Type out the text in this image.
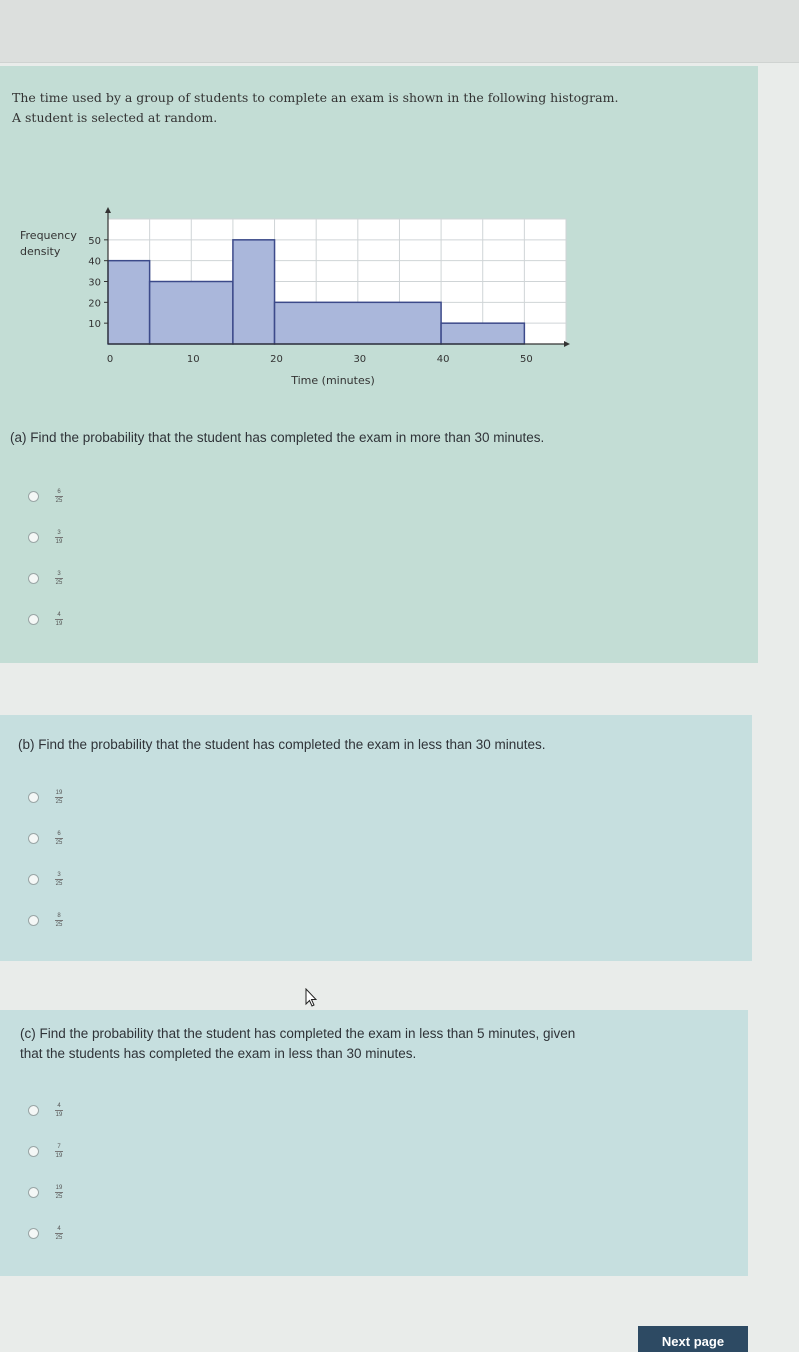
The time used by a group of students to complete an exam is shown in the following histogram.
A student is selected at random.
10
20
30
40
50
0	10	20	30	40	50
Frequency
density
Time (minutes)
(a) Find the probability that the student has completed the exam in more than 30 minutes.
$\frac{6}{25}$
$\frac{3}{19}$
$\frac{3}{25}$
$\frac{4}{19}$
(b) Find the probability that the student has completed the exam in less than 30 minutes.
$\frac{19}{25}$
$\frac{6}{25}$
$\frac{3}{25}$
$\frac{8}{25}$
(c) Find the probability that the student has completed the exam in less than 5 minutes, given
that the students has completed the exam in less than 30 minutes.
$\frac{4}{19}$
$\frac{7}{19}$
$\frac{19}{25}$
$\frac{4}{25}$
Next page
